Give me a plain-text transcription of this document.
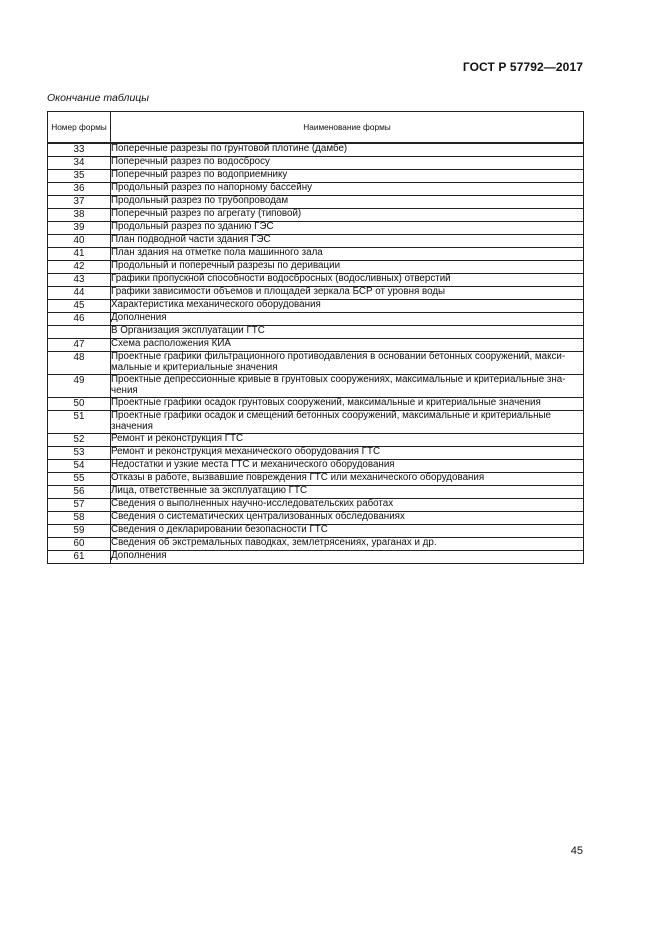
ГОСТ Р 57792—2017
Окончание таблицы
Номер формы	Наименование формы
33	Поперечные разрезы по грунтовой плотине (дамбе)
34	Поперечный разрез по водосбросу
35	Поперечный разрез по водоприемнику
36	Продольный разрез по напорному бассейну
37	Продольный разрез по трубопроводам
38	Поперечный разрез по агрегату (типовой)
39	Продольный разрез по зданию ГЭС
40	План подводной части здания ГЭС
41	План здания на отметке пола машинного зала
42	Продольный и поперечный разрезы по деривации
43	Графики пропускной способности водосбросных (водосливных) отверстий
44	Графики зависимости объемов и площадей зеркала БСР от уровня воды
45	Характеристика механического оборудования
46	Дополнения
	В Организация эксплуатации ГТС
47	Схема расположения КИА
48	Проектные графики фильтрационного противодавления в основании бетонных сооружений, макси-мальные и критериальные значения
49	Проектные депрессионные кривые в грунтовых сооружениях, максимальные и критериальные зна-чения
50	Проектные графики осадок грунтовых сооружений, максимальные и критериальные значения
51	Проектные графики осадок и смещений бетонных сооружений, максимальные и критериальные значения
52	Ремонт и реконструкция ГТС
53	Ремонт и реконструкция механического оборудования ГТС
54	Недостатки и узкие места ГТС и механического оборудования
55	Отказы в работе, вызвавшие повреждения ГТС или механического оборудования
56	Лица, ответственные за эксплуатацию ГТС
57	Сведения о выполненных научно-исследовательских работах
58	Сведения о систематических централизованных обследованиях
59	Сведения о декларировании безопасности ГТС
60	Сведения об экстремальных паводках, землетрясениях, ураганах и др.
61	Дополнения
45
